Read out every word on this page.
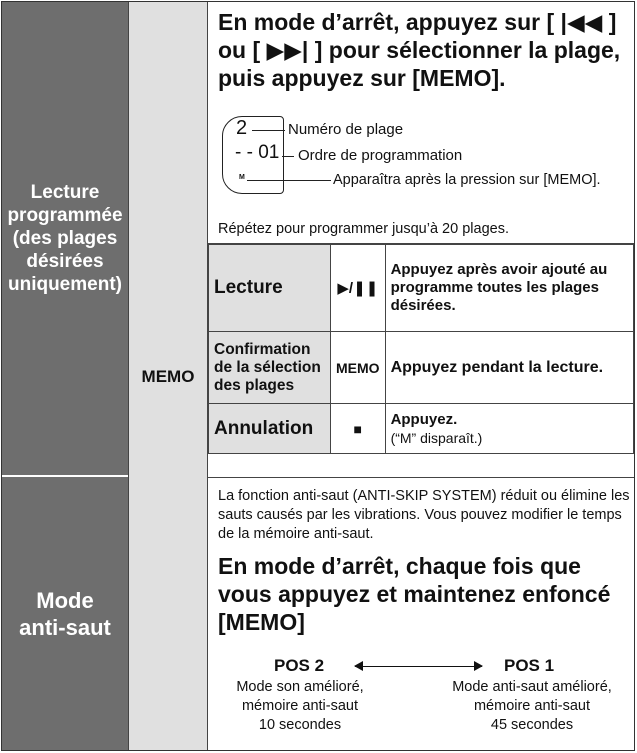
Lecture
programmée
(des plages
désirées
uniquement)
Mode
anti-saut
MEMO
En mode d’arrêt, appuyez sur [ |◀◀ ] ou [ ▶▶| ] pour sélectionner la plage, puis appuyez sur [MEMO].
2
- - 01
M
Numéro de plage
Ordre de programmation
Apparaîtra après la pression sur [MEMO].
Répétez pour programmer jusqu’à 20 plages.
Lecture	▶/❚❚	Appuyez après avoir ajouté au programme toutes les plages désirées.
Confirmation de la sélection des plages	MEMO	Appuyez pendant la lecture.
Annulation	■	Appuyez.
(“M” disparaît.)
La fonction anti-saut (ANTI-SKIP SYSTEM) réduit ou élimine les sauts causés par les vibrations. Vous pouvez modifier le temps de la mémoire anti-saut.
En mode d’arrêt, chaque fois que vous appuyez et maintenez enfoncé [MEMO]
POS 2	POS 1
Mode son amélioré,
mémoire anti-saut
10 secondes
Mode anti-saut amélioré,
mémoire anti-saut
45 secondes
